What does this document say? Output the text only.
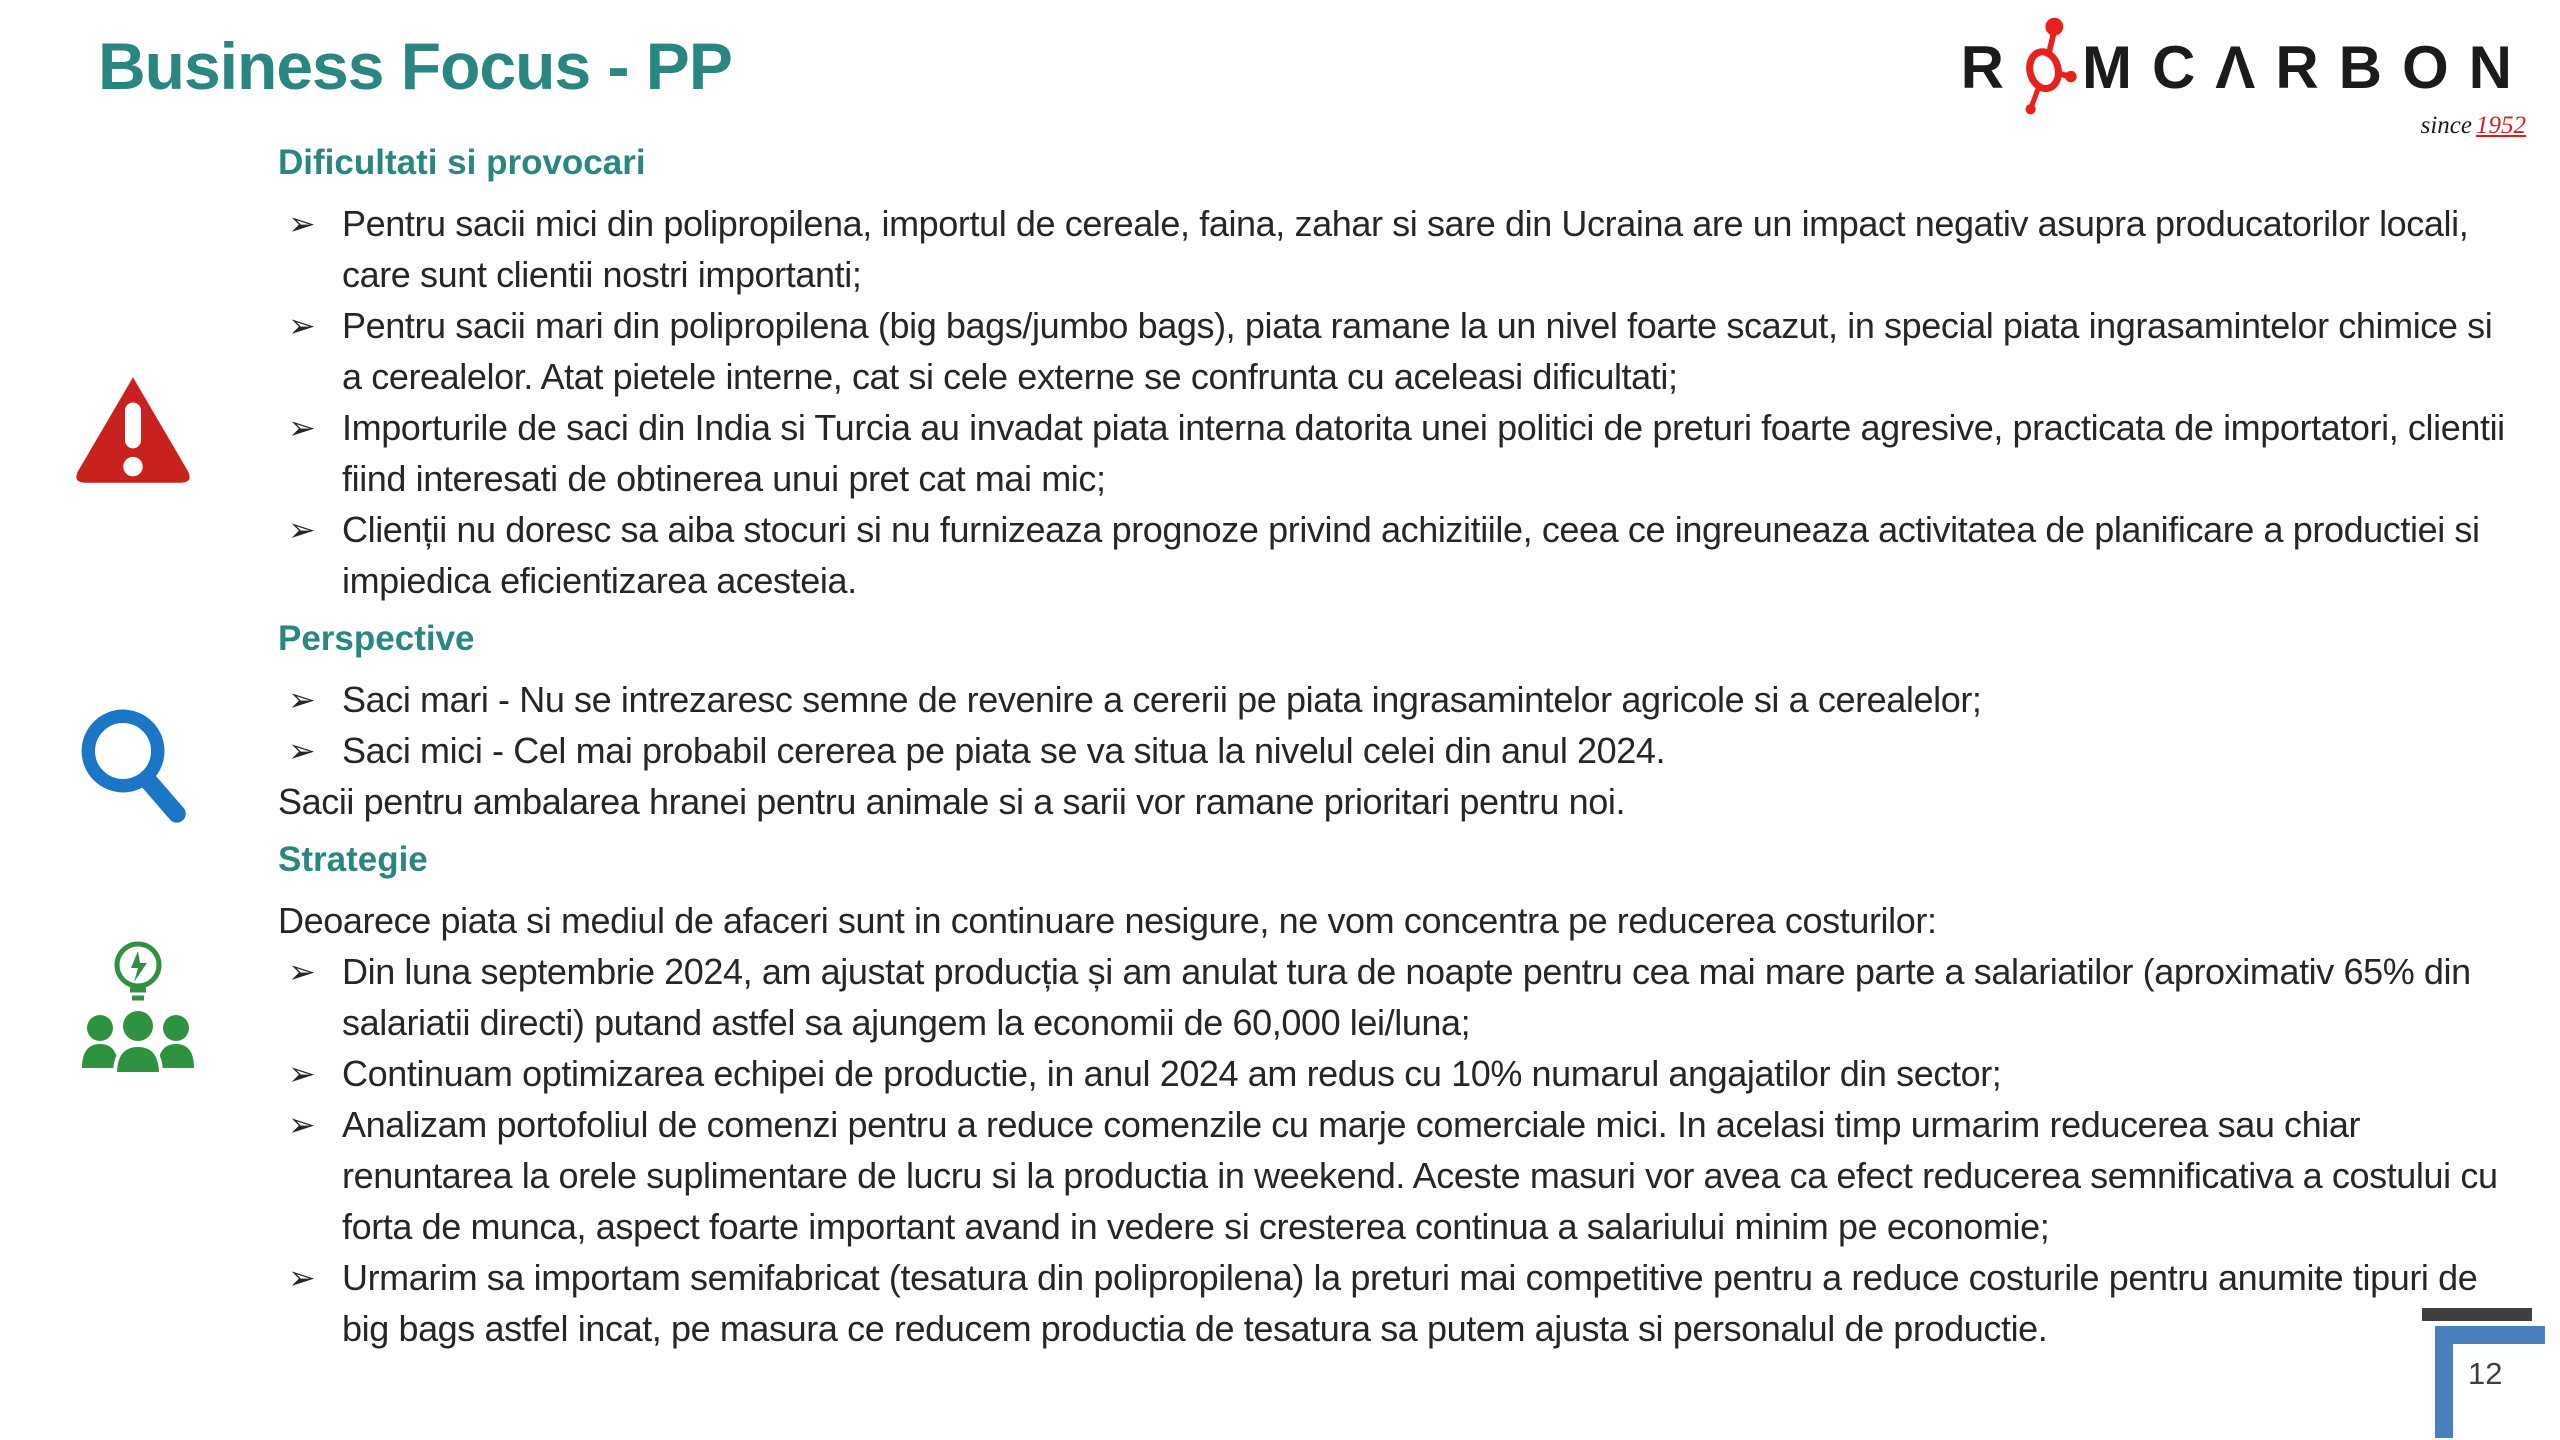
Business Focus - PP	R MCΛRBON
since 1952
Dificultati si provocari
➢ Pentru sacii mici din polipropilena, importul de cereale, faina, zahar si sare din Ucraina are un impact negativ asupra producatorilor locali, care sunt clientii nostri importanti;
➢ Pentru sacii mari din polipropilena (big bags/jumbo bags), piata ramane la un nivel foarte scazut, in special piata ingrasamintelor chimice si a cerealelor. Atat pietele interne, cat si cele externe se confrunta cu aceleasi dificultati;
➢ Importurile de saci din India si Turcia au invadat piata interna datorita unei politici de preturi foarte agresive, practicata de importatori, clientii fiind interesati de obtinerea unui pret cat mai mic;
➢ Clienții nu doresc sa aiba stocuri si nu furnizeaza prognoze privind achizitiile, ceea ce ingreuneaza activitatea de planificare a productiei si impiedica eficientizarea acesteia.
Perspective
➢ Saci mari - Nu se intrezaresc semne de revenire a cererii pe piata ingrasamintelor agricole si a cerealelor;
➢ Saci mici - Cel mai probabil cererea pe piata se va situa la nivelul celei din anul 2024.

Sacii pentru ambalarea hranei pentru animale si a sarii vor ramane prioritari pentru noi.

Strategie

Deoarece piata si mediul de afaceri sunt in continuare nesigure, ne vom concentra pe reducerea costurilor:

➢ Din luna septembrie 2024, am ajustat producția și am anulat tura de noapte pentru cea mai mare parte a salariatilor (aproximativ 65% din salariatii directi) putand astfel sa ajungem la economii de 60,000 lei/luna;
➢ Continuam optimizarea echipei de productie, in anul 2024 am redus cu 10% numarul angajatilor din sector;
➢ Analizam portofoliul de comenzi pentru a reduce comenzile cu marje comerciale mici. In acelasi timp urmarim reducerea sau chiar renuntarea la orele suplimentare de lucru si la productia in weekend. Aceste masuri vor avea ca efect reducerea semnificativa a costului cu forta de munca, aspect foarte important avand in vedere si cresterea continua a salariului minim pe economie;
➢ Urmarim sa importam semifabricat (tesatura din polipropilena) la preturi mai competitive pentru a reduce costurile pentru anumite tipuri de big bags astfel incat, pe masura ce reducem productia de tesatura sa putem ajusta si personalul de productie.
12
